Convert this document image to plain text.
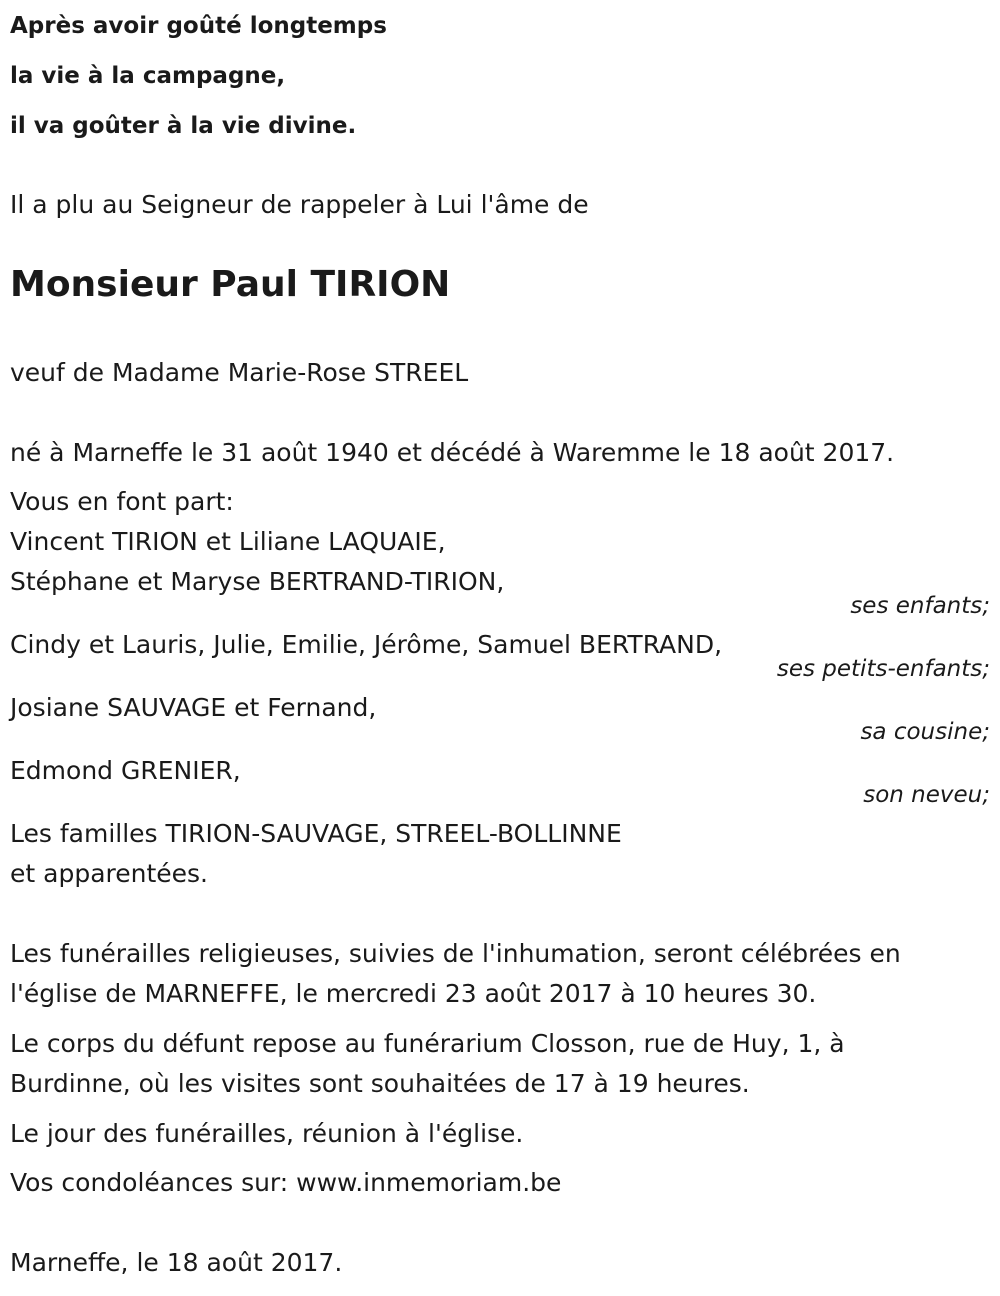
Après avoir goûté longtemps
la vie à la campagne,
il va goûter à la vie divine.
Il a plu au Seigneur de rappeler à Lui l'âme de
Monsieur Paul TIRION
veuf de Madame Marie-Rose STREEL
né à Marneffe le 31 août 1940 et décédé à Waremme le 18 août 2017.
Vous en font part:
Vincent TIRION et Liliane LAQUAIE,
Stéphane et Maryse BERTRAND-TIRION,
ses enfants;
Cindy et Lauris, Julie, Emilie, Jérôme, Samuel BERTRAND,
ses petits-enfants;
Josiane SAUVAGE et Fernand,
sa cousine;
Edmond GRENIER,
son neveu;
Les familles TIRION-SAUVAGE, STREEL-BOLLINNE
et apparentées.
Les funérailles religieuses, suivies de l'inhumation, seront célébrées en
l'église de MARNEFFE, le mercredi 23 août 2017 à 10 heures 30.
Le corps du défunt repose au funérarium Closson, rue de Huy, 1, à
Burdinne, où les visites sont souhaitées de 17 à 19 heures.
Le jour des funérailles, réunion à l'église.
Vos condoléances sur: www.inmemoriam.be
Marneffe, le 18 août 2017.
